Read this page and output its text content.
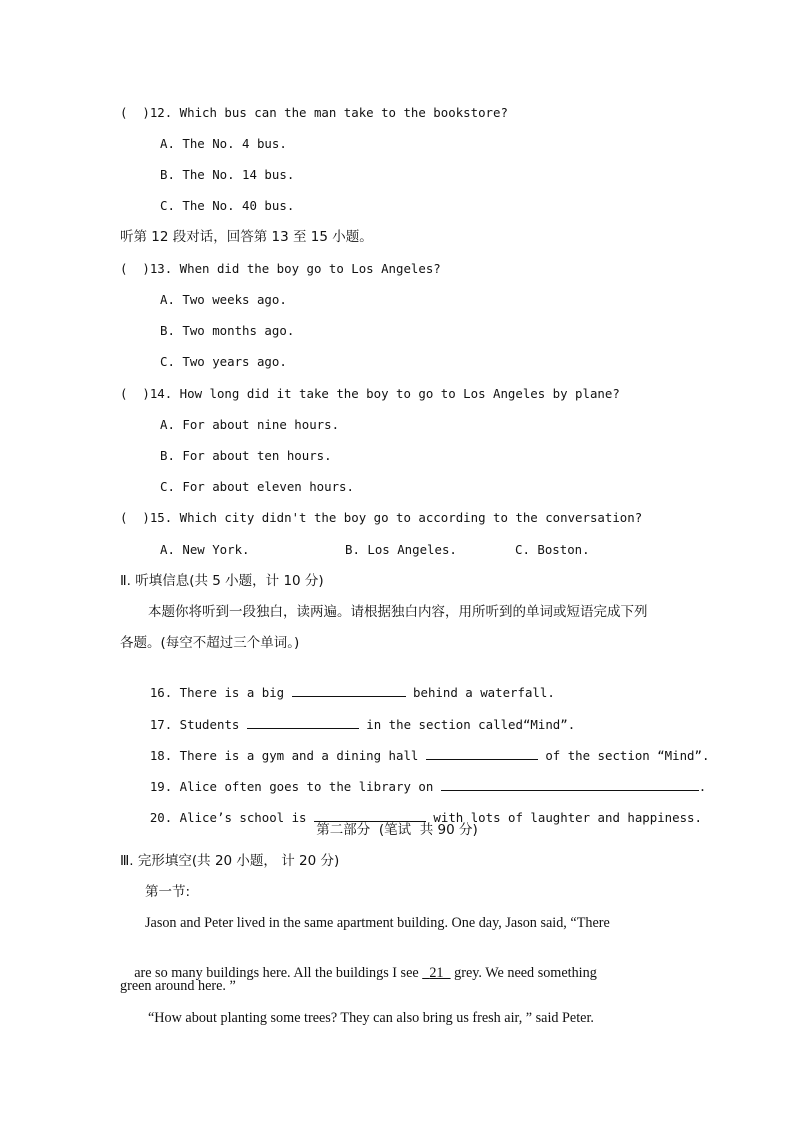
(  )12. Which bus can the man take to the bookstore?
A. The No. 4 bus.
B. The No. 14 bus.
C. The No. 40 bus.
听第 12 段对话，回答第 13 至 15 小题。
(  )13. When did the boy go to Los Angeles?
A. Two weeks ago.
B. Two months ago.
C. Two years ago.
(  )14. How long did it take the boy to go to Los Angeles by plane?
A. For about nine hours.
B. For about ten hours.
C. For about eleven hours.
(  )15. Which city didn't the boy go to according to the conversation?
A. New York.	B. Los Angeles.	C. Boston.
Ⅱ. 听填信息(共 5 小题，计 10 分)
本题你将听到一段独白，读两遍。请根据独白内容，用所听到的单词或短语完成下列
各题。(每空不超过三个单词。)

16. There is a big	behind a waterfall.

17. Students	in the section called“Mind”.

18. There is a gym and a dining hall	of the section “Mind”.

19. Alice often goes to the library on	.

20. Alice’s school is	with lots of laughter and happiness.

第二部分  (笔试  共 90 分)
Ⅲ. 完形填空(共 20 小题， 计 20 分)
第一节:
Jason and Peter lived in the same apartment building. One day, Jason said, “There

are so many buildings here. All the buildings I see   21   grey. We need something

green around here. ”
“How about planting some trees? They can also bring us fresh air, ” said Peter.
